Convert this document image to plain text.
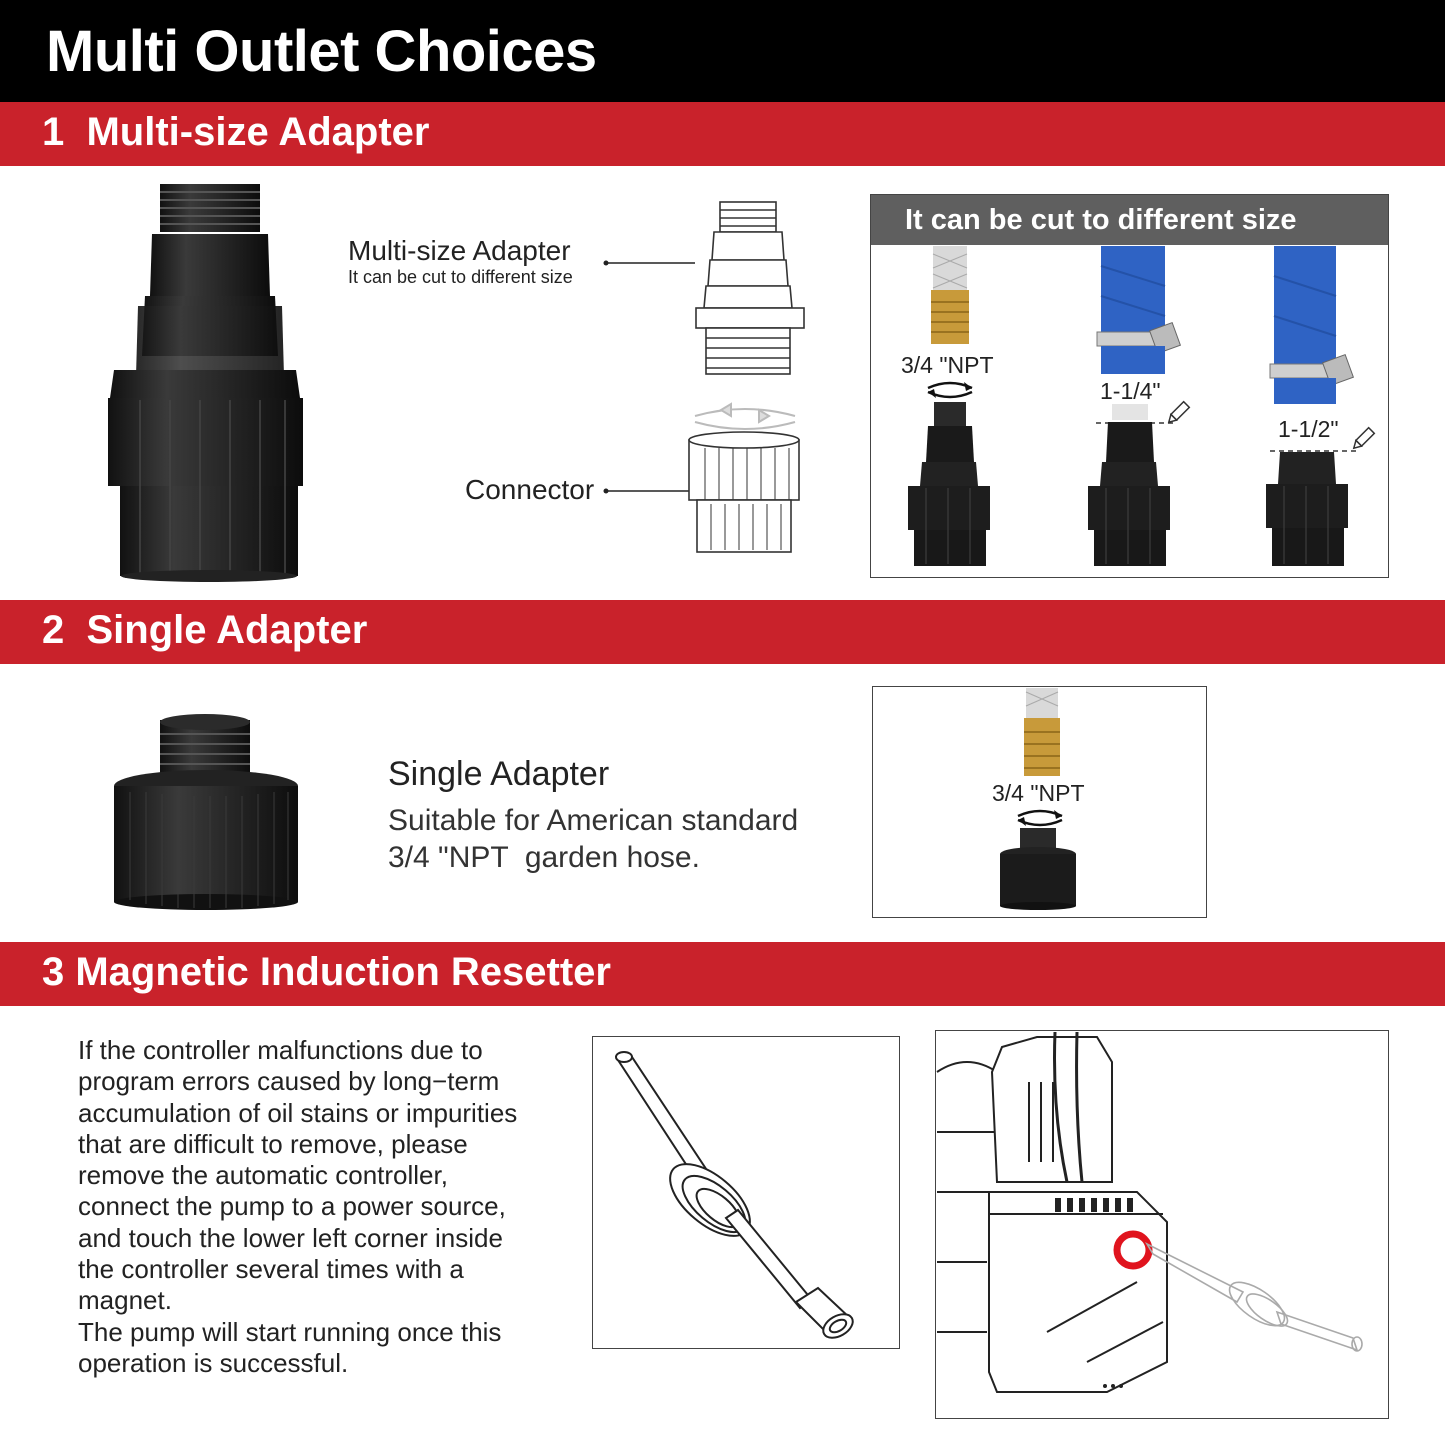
Multi Outlet Choices
1  Multi-size Adapter
Multi-size Adapter
It can be cut to different size
Connector
It can be cut to different size
3/4 "NPT
1-1/4"
1-1/2"
2  Single Adapter
Single Adapter
Suitable for American standard
3/4 "NPT  garden hose.
3/4 "NPT
3 Magnetic Induction Resetter
If the controller malfunctions due to
program errors caused by long−term
accumulation of oil stains or impurities
that are difficult to remove, please
remove the automatic controller,
connect the pump to a power source,
and touch the lower left corner inside
the controller several times with a
magnet.
The pump will start running once this
operation is successful.
